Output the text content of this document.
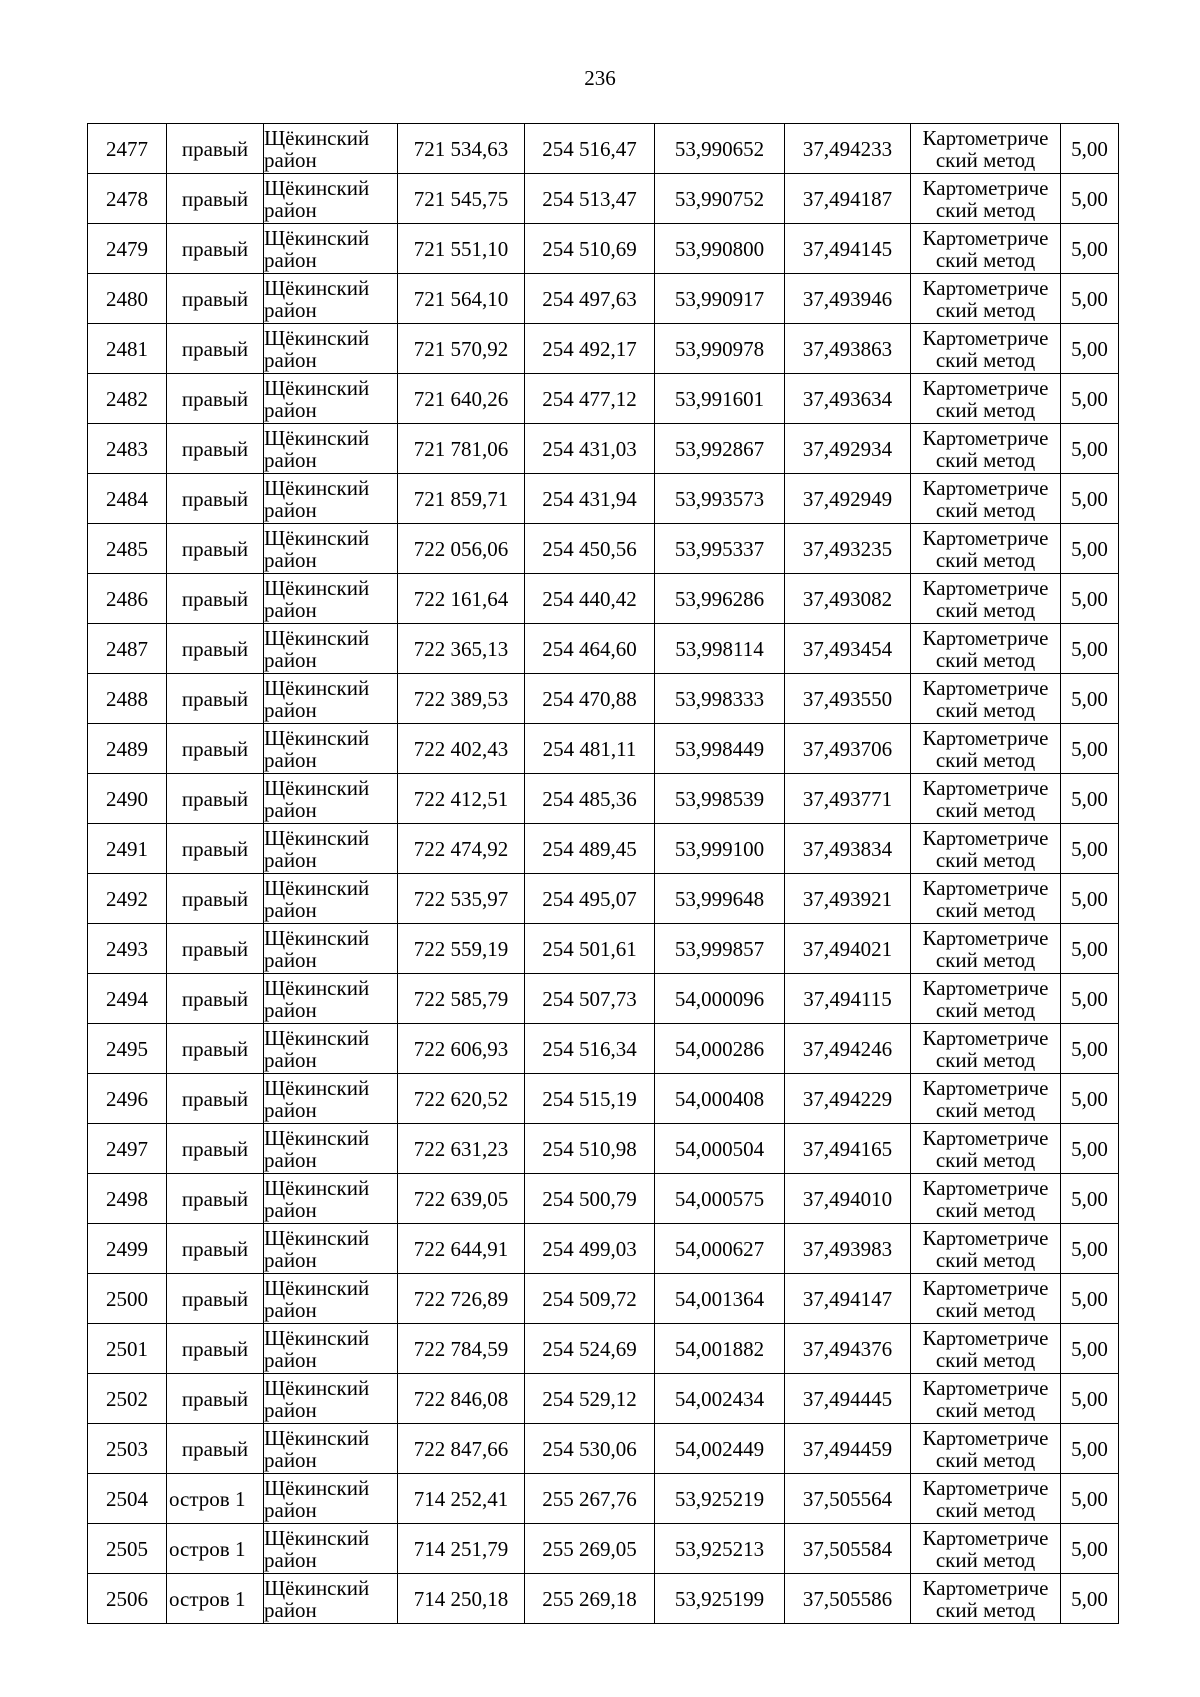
236
2477	правый	Щёкинский район	721 534,63	254 516,47	53,990652	37,494233	Картометрический метод	5,00
2478	правый	Щёкинский район	721 545,75	254 513,47	53,990752	37,494187	Картометрический метод	5,00
2479	правый	Щёкинский район	721 551,10	254 510,69	53,990800	37,494145	Картометрический метод	5,00
2480	правый	Щёкинский район	721 564,10	254 497,63	53,990917	37,493946	Картометрический метод	5,00
2481	правый	Щёкинский район	721 570,92	254 492,17	53,990978	37,493863	Картометрический метод	5,00
2482	правый	Щёкинский район	721 640,26	254 477,12	53,991601	37,493634	Картометрический метод	5,00
2483	правый	Щёкинский район	721 781,06	254 431,03	53,992867	37,492934	Картометрический метод	5,00
2484	правый	Щёкинский район	721 859,71	254 431,94	53,993573	37,492949	Картометрический метод	5,00
2485	правый	Щёкинский район	722 056,06	254 450,56	53,995337	37,493235	Картометрический метод	5,00
2486	правый	Щёкинский район	722 161,64	254 440,42	53,996286	37,493082	Картометрический метод	5,00
2487	правый	Щёкинский район	722 365,13	254 464,60	53,998114	37,493454	Картометрический метод	5,00
2488	правый	Щёкинский район	722 389,53	254 470,88	53,998333	37,493550	Картометрический метод	5,00
2489	правый	Щёкинский район	722 402,43	254 481,11	53,998449	37,493706	Картометрический метод	5,00
2490	правый	Щёкинский район	722 412,51	254 485,36	53,998539	37,493771	Картометрический метод	5,00
2491	правый	Щёкинский район	722 474,92	254 489,45	53,999100	37,493834	Картометрический метод	5,00
2492	правый	Щёкинский район	722 535,97	254 495,07	53,999648	37,493921	Картометрический метод	5,00
2493	правый	Щёкинский район	722 559,19	254 501,61	53,999857	37,494021	Картометрический метод	5,00
2494	правый	Щёкинский район	722 585,79	254 507,73	54,000096	37,494115	Картометрический метод	5,00
2495	правый	Щёкинский район	722 606,93	254 516,34	54,000286	37,494246	Картометрический метод	5,00
2496	правый	Щёкинский район	722 620,52	254 515,19	54,000408	37,494229	Картометрический метод	5,00
2497	правый	Щёкинский район	722 631,23	254 510,98	54,000504	37,494165	Картометрический метод	5,00
2498	правый	Щёкинский район	722 639,05	254 500,79	54,000575	37,494010	Картометрический метод	5,00
2499	правый	Щёкинский район	722 644,91	254 499,03	54,000627	37,493983	Картометрический метод	5,00
2500	правый	Щёкинский район	722 726,89	254 509,72	54,001364	37,494147	Картометрический метод	5,00
2501	правый	Щёкинский район	722 784,59	254 524,69	54,001882	37,494376	Картометрический метод	5,00
2502	правый	Щёкинский район	722 846,08	254 529,12	54,002434	37,494445	Картометрический метод	5,00
2503	правый	Щёкинский район	722 847,66	254 530,06	54,002449	37,494459	Картометрический метод	5,00
2504	остров 1	Щёкинский район	714 252,41	255 267,76	53,925219	37,505564	Картометрический метод	5,00
2505	остров 1	Щёкинский район	714 251,79	255 269,05	53,925213	37,505584	Картометрический метод	5,00
2506	остров 1	Щёкинский район	714 250,18	255 269,18	53,925199	37,505586	Картометрический метод	5,00
